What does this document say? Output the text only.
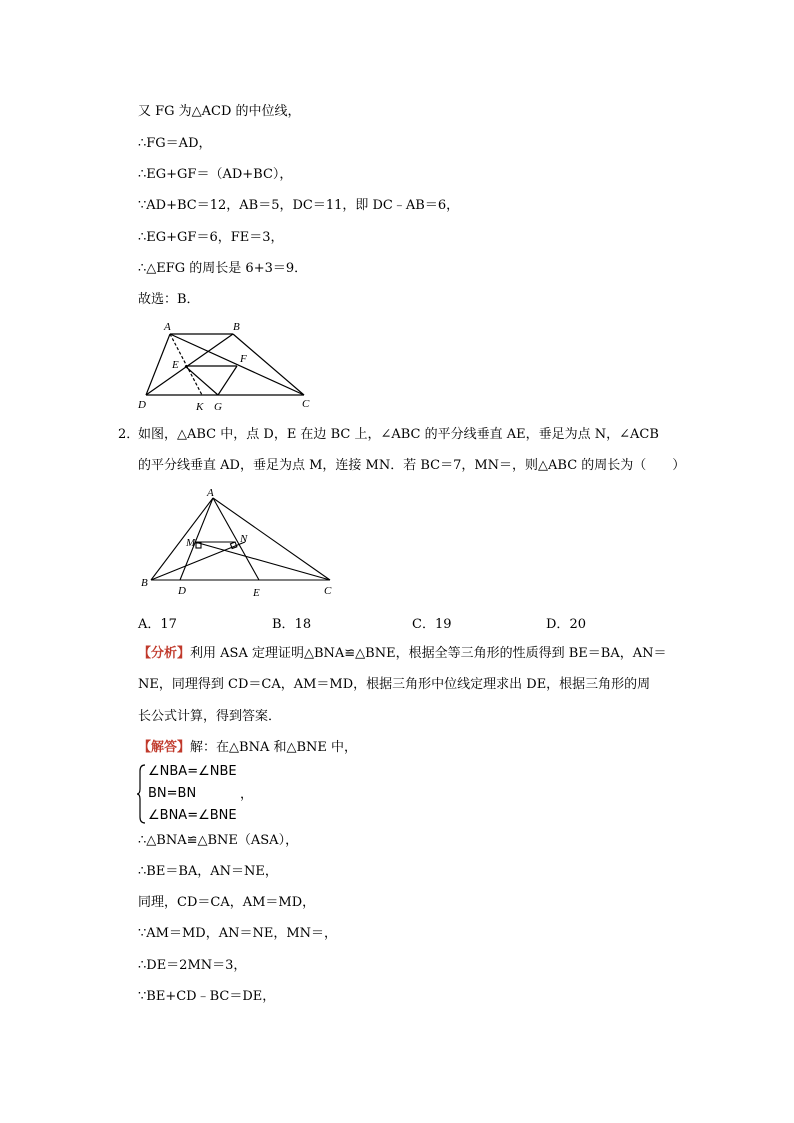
又 FG 为△ACD 的中位线，
∴FG＝AD，
∴EG+GF＝（AD+BC），
∵AD+BC＝12，AB＝5，DC＝11，即 DC﹣AB＝6，
∴EG+GF＝6，FE＝3，
∴△EFG 的周长是 6+3＝9．
故选：B．
A	B
E	F
D	K G	C
2．
如图，△ABC 中，点 D，E 在边 BC 上，∠ABC 的平分线垂直 AE，垂足为点 N，∠ACB
的平分线垂直 AD，垂足为点 M，连接 MN．若 BC＝7，MN＝，则△ABC 的周长为（　　）
A
M	N
B
D	E	C
A．17	B．18	C．19	D．20
【分析】利用 ASA 定理证明△BNA≌△BNE，根据全等三角形的性质得到 BE＝BA，AN＝
NE，同理得到 CD＝CA，AM＝MD，根据三角形中位线定理求出 DE，根据三角形的周
长公式计算，得到答案．
【解答】解：在△BNA 和△BNE 中，
∠NBA=∠NBE
BN=BN
∠BNA=∠BNE
，
∴△BNA≌△BNE（ASA），
∴BE＝BA，AN＝NE，
同理，CD＝CA，AM＝MD，
∵AM＝MD，AN＝NE，MN＝，
∴DE＝2MN＝3，
∵BE+CD﹣BC＝DE，
